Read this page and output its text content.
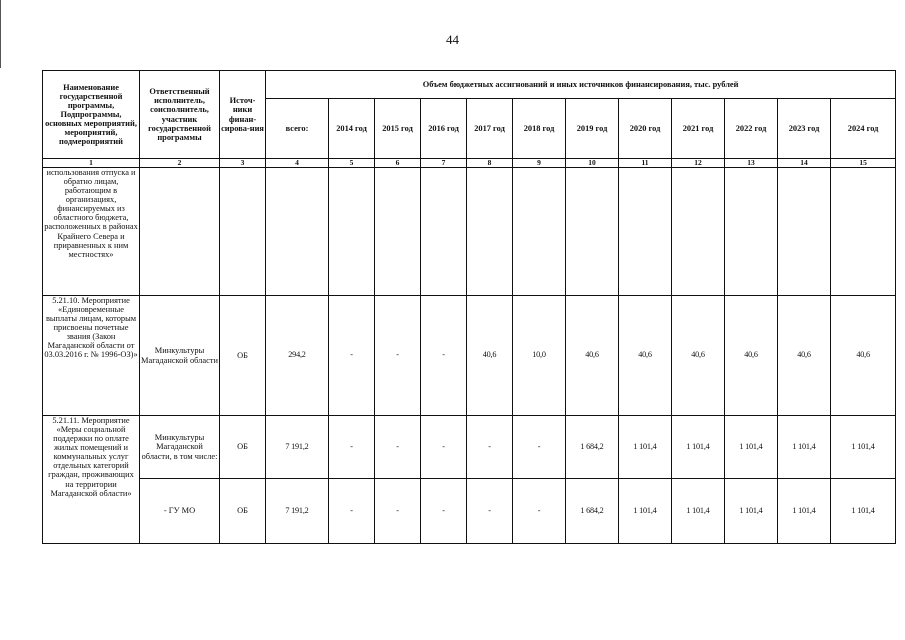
44
Наименование государственной программы, Подпрограммы, основных мероприятий, мероприятий, подмероприятий	Ответственный исполнитель, соисполнитель, участник государственной программы	Источ-ники финан-сирова-ния	Объем бюджетных ассигнований и иных источников финансирования, тыс. рублей											
			всего:	2014 год	2015 год	2016 год	2017 год	2018 год	2019 год	2020 год	2021 год	2022 год	2023 год	2024 год
1	2	3	4	5	6	7	8	9	10	11	12	13	14	15
использования отпуска и обратно лицам, работающим в организациях, финансируемых из областного бюджета, расположенных в районах Крайнего Севера и приравненных к ним местностях»														
5.21.10. Мероприятие «Единовременные выплаты лицам, которым присвоены почетные звания (Закон Магаданской области от 03.03.2016 г. № 1996-ОЗ)»	Минкультуры Магаданской области	ОБ	294,2	-	-	-	40,6	10,0	40,6	40,6	40,6	40,6	40,6	40,6
5.21.11. Мероприятие «Меры социальной поддержки по оплате жилых помещений и коммунальных услуг отдельных категорий граждан, проживающих на территории Магаданской области»	Минкультуры Магаданской области, в том числе:	ОБ	7 191,2	-	-	-	-	-	1 684,2	1 101,4	1 101,4	1 101,4	1 101,4	1 101,4
	- ГУ МО	ОБ	7 191,2	-	-	-	-	-	1 684,2	1 101,4	1 101,4	1 101,4	1 101,4	1 101,4
